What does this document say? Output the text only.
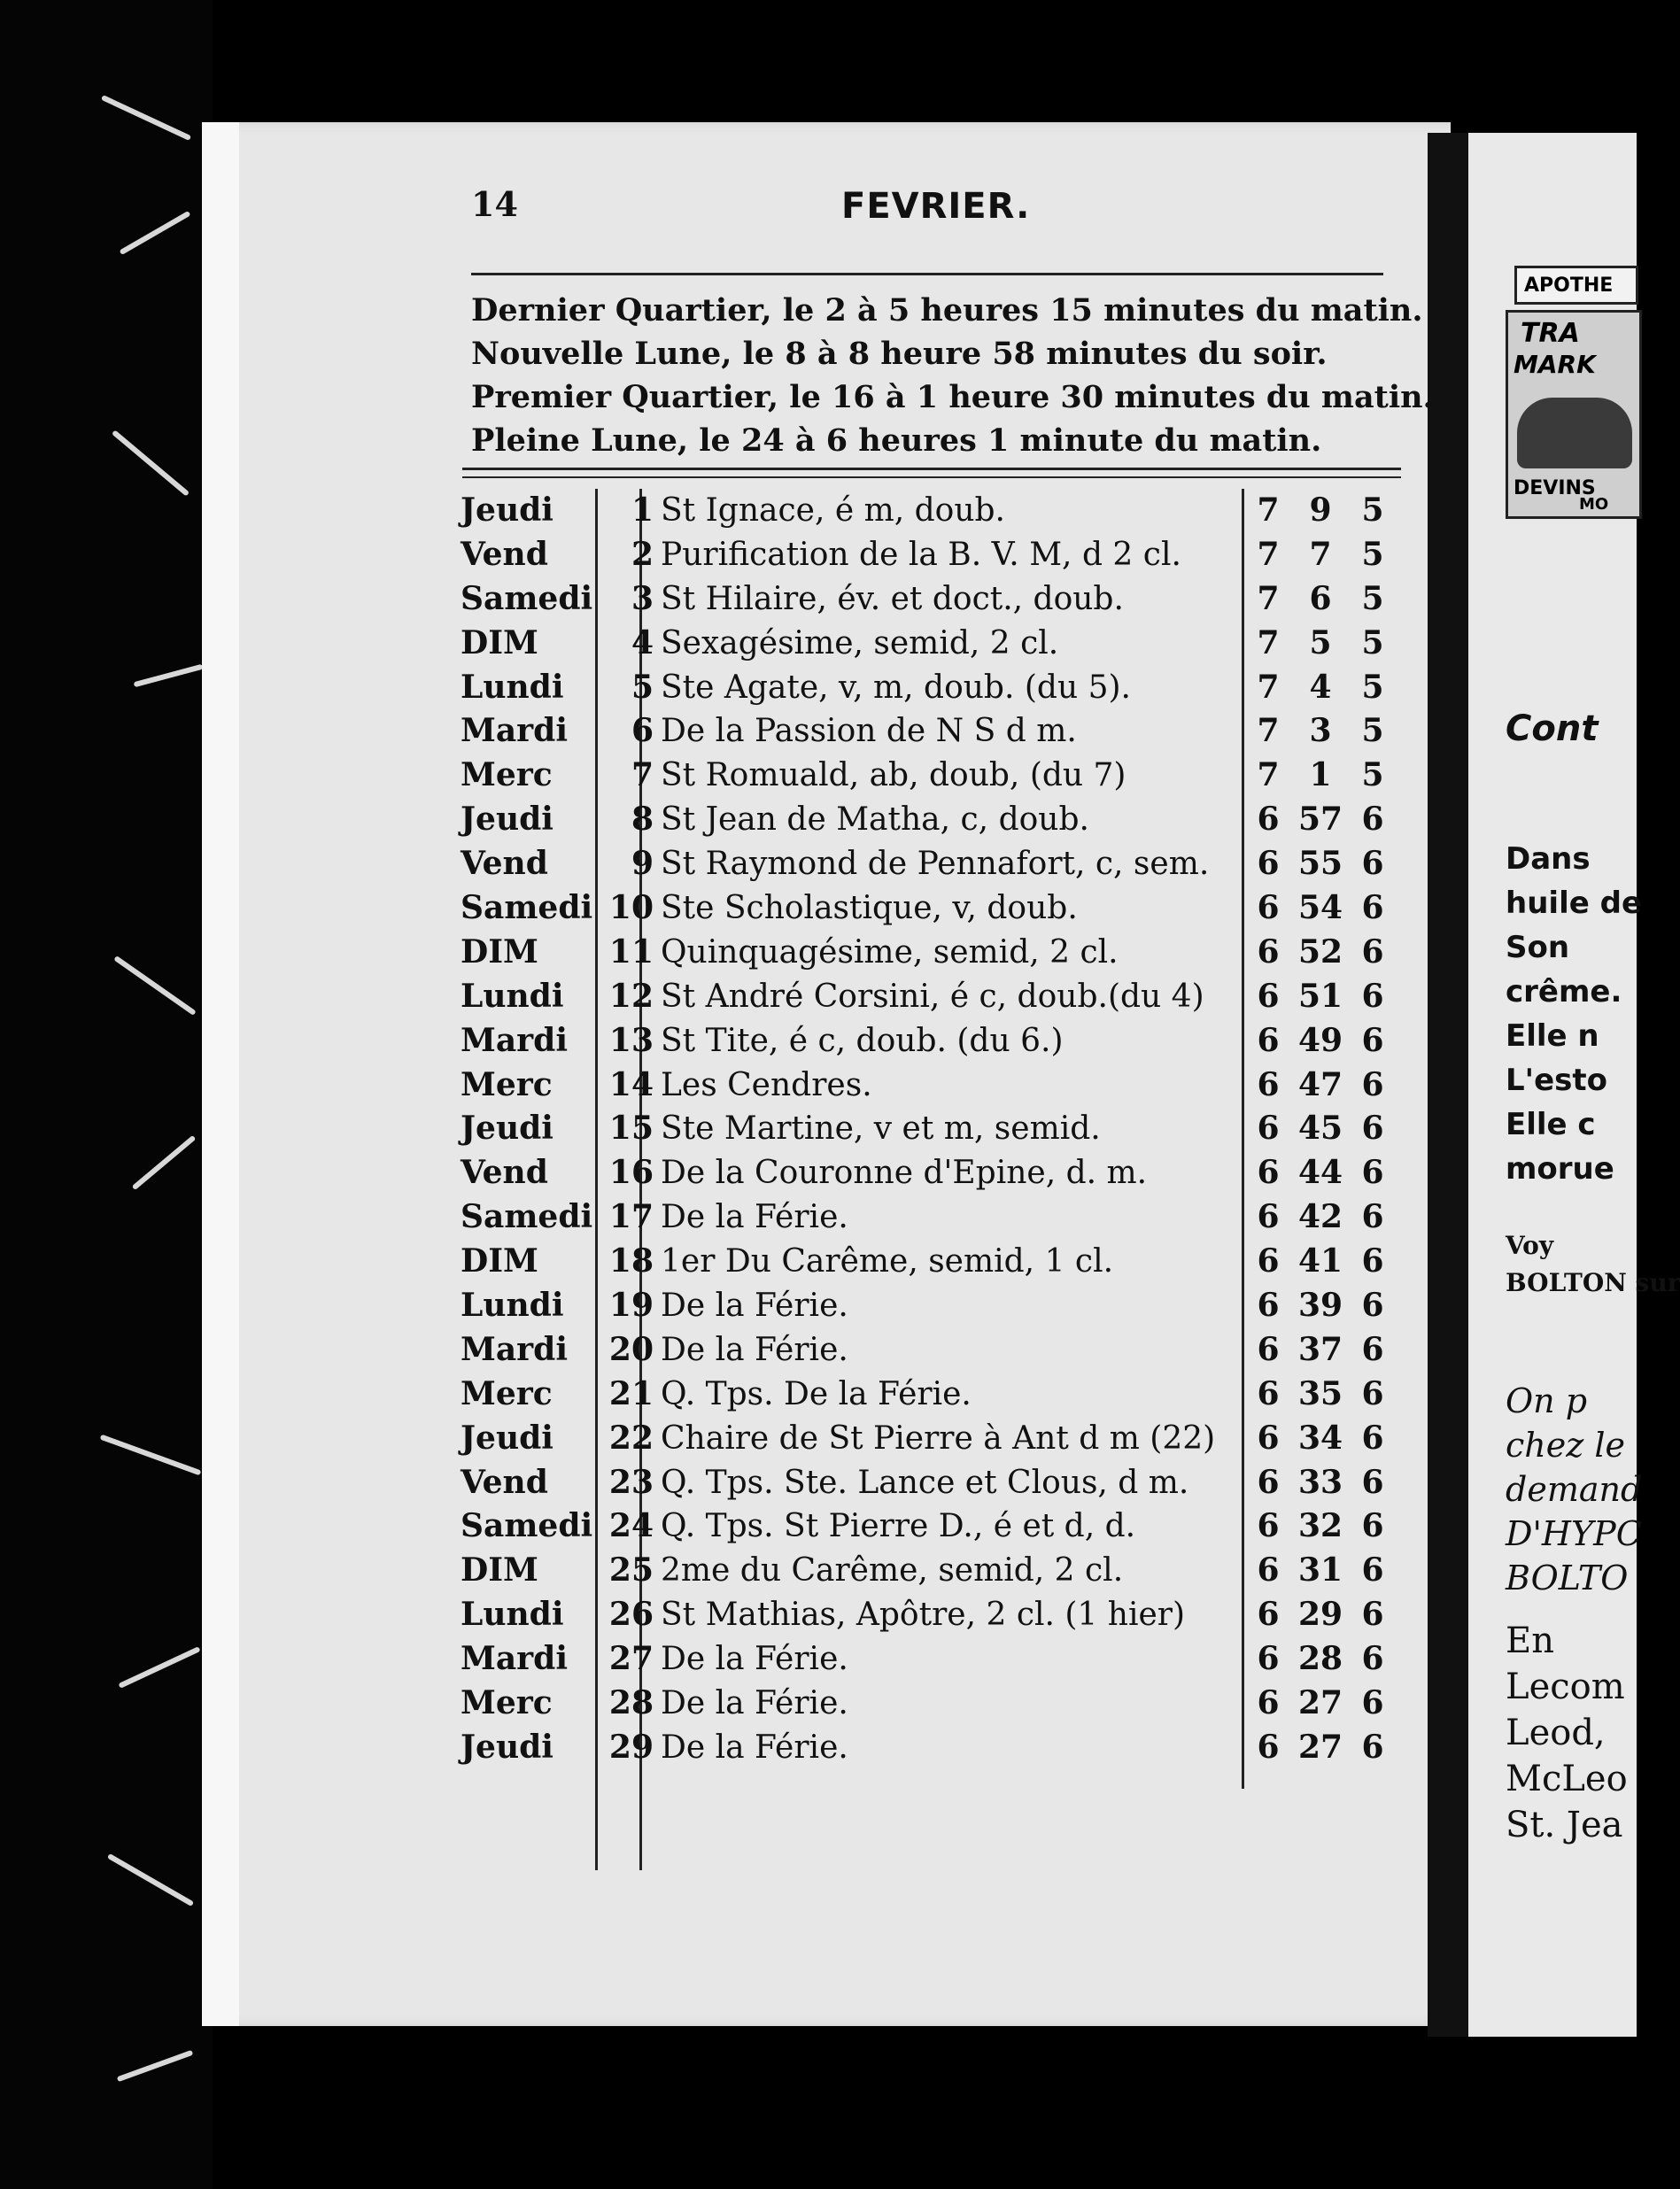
14	FEVRIER.
Dernier Quartier, le 2 à 5 heures 15 minutes du matin.
Nouvelle Lune, le 8 à 8 heure 58 minutes du soir.
Premier Quartier, le 16 à 1 heure 30 minutes du matin.
Pleine Lune, le 24 à 6 heures 1 minute du matin.
Jeudi	1 St Ignace, é m, doub.	7 9 5
Vend	2 Purification de la B. V. M, d 2 cl.	7 7 5
Samedi	3 St Hilaire, év. et doct., doub.	7 6 5
DIM	4 Sexagésime, semid, 2 cl.	7 5 5
Lundi	5 Ste Agate, v, m, doub. (du 5).	7 4 5
Mardi	6 De la Passion de N S d m.	7 3 5
Merc	7 St Romuald, ab, doub, (du 7)	7 1 5
Jeudi	8 St Jean de Matha, c, doub.	6 57 6
Vend	9 St Raymond de Pennafort, c, sem.	6 55 6
Samedi 10 Ste Scholastique, v, doub.	6 54 6
DIM	11 Quinquagésime, semid, 2 cl.	6 52 6
Lundi	12 St André Corsini, é c, doub.(du 4)	6 51 6
Mardi	13 St Tite, é c, doub. (du 6.)	6 49 6
Merc	14 Les Cendres.	6 47 6
Jeudi	15 Ste Martine, v et m, semid.	6 45 6
Vend	16 De la Couronne d'Epine, d. m.	6 44 6
Samedi 17 De la Férie.	6 42 6
DIM	18 1er Du Carême, semid, 1 cl.	6 41 6
Lundi	19 De la Férie.	6 39 6
Mardi	20 De la Férie.	6 37 6
Merc	21 Q. Tps. De la Férie.	6 35 6
Jeudi	22 Chaire de St Pierre à Ant d m (22)	6 34 6
Vend	23 Q. Tps. Ste. Lance et Clous, d m.	6 33 6
Samedi 24 Q. Tps. St Pierre D., é et d, d.	6 32 6
DIM	25 2me du Carême, semid, 2 cl.	6 31 6
Lundi	26 St Mathias, Apôtre, 2 cl. (1 hier)	6 29 6
Mardi	27 De la Férie.	6 28 6
Merc	28 De la Férie.	6 27 6
Jeudi	29 De la Férie.	6 27 6
APOTHE
TRA
MARK
DEVINS
MO
Cont
Dans
huile de
Son
crême.
Elle n
L'esto
Elle c
morue
On p
chez le
demand
D'HYPC
BOLTO
En
Lecom
Leod,
McLeo
St. Jea
Voy
BOLTON sur
